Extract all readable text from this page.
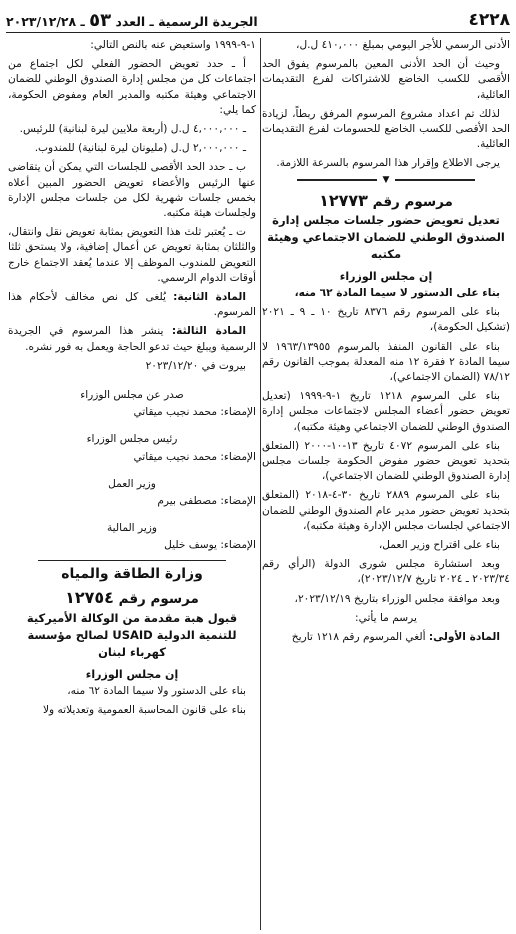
٤٢٢٨
الجريدة الرسمية ـ العدد ٥٣ ـ ٢٠٢٣/١٢/٢٨

الأدنى الرسمي للأجر اليومي بمبلغ ٤١٠,٠٠٠ ل.ل،

وحيث أن الحد الأدنى المعين بالمرسوم يفوق الحد الأقصى للكسب الخاضع للاشتراكات لفرع التقديمات العائلية،

لذلك تم اعداد مشروع المرسوم المرفق ربطاً، لزيادة الحد الأقصى للكسب الخاضع للحسومات لفرع التقديمات العائلية.

يرجى الاطلاع وإقرار هذا المرسوم بالسرعة اللازمة.

▼
مرسوم رقم ١٢٧٧٣
تعديل تعويض حضور جلسات مجلس إدارة الصندوق الوطني للضمان الاجتماعي وهيئة مكتبه
إن مجلس الوزراء

بناء على الدستور لا سيما المادة ٦٢ منه،

بناء على المرسوم رقم ٨٣٧٦ تاريخ ١٠ ـ ٩ ـ ٢٠٢١ (تشكيل الحكومة)،

بناء على القانون المنفذ بالمرسوم ١٩٦٣/١٣٩٥٥ لا سيما المادة ٢ فقرة ١٢ منه المعدلة بموجب القانون رقم ٧٨/١٢ (الضمان الاجتماعي)،

بناء على المرسوم ١٢١٨ تاريخ ١-٩-١٩٩٩ (تعديل تعويض حضور أعضاء المجلس لاجتماعات مجلس إدارة الصندوق الوطني للضمان الاجتماعي وهيئة مكتبه)،

بناء على المرسوم ٤٠٧٢ تاريخ ١٣-١٠-٢٠٠٠ (المتعلق بتحديد تعويض حضور مفوض الحكومة جلسات مجلس إدارة الصندوق الوطني للضمان الاجتماعي)،

بناء على المرسوم ٢٨٨٩ تاريخ ٣٠-٤-٢٠١٨ (المتعلق بتحديد تعويض حضور مدير عام الصندوق الوطني للضمان الاجتماعي لجلسات مجلس الإدارة وهيئة مكتبه)،

بناء على اقتراح وزير العمل،

وبعد استشارة مجلس شورى الدولة (الرأي رقم ٢٠٢٣/٣٤ ـ ٢٠٢٤ تاريخ ٢٠٢٣/١٢/٧)،

وبعد موافقة مجلس الوزراء بتاريخ ٢٠٢٣/١٢/١٩،

يرسم ما يأتي:

المادة الأولى: ألغي المرسوم رقم ١٢١٨ تاريخ

١-٩-١٩٩٩ واستعيض عنه بالنص التالي:

أ ـ حدد تعويض الحضور الفعلي لكل اجتماع من اجتماعات كل من مجلس إدارة الصندوق الوطني للضمان الاجتماعي وهيئة مكتبه والمدير العام ومفوض الحكومة، كما يلي:

ـ ٤,٠٠٠,٠٠٠ ل.ل (أربعة ملايين ليرة لبنانية) للرئيس.

ـ ٢,٠٠٠,٠٠٠ ل.ل (مليونان ليرة لبنانية) للمندوب.

ب ـ حدد الحد الأقصى للجلسات التي يمكن أن يتقاضى عنها الرئيس والأعضاء تعويض الحضور المبين أعلاه بخمس جلسات شهرية لكل من جلسات مجلس الإدارة ولجلسات هيئة مكتبه.

ت ـ يُعتبر ثلث هذا التعويض بمثابة تعويض نقل وانتقال، والثلثان بمثابة تعويض عن أعمال إضافية، ولا يستحق ثلثا التعويض للمندوب الموظف إلا عندما يُعقد الاجتماع خارج أوقات الدوام الرسمي.

المادة الثانية: يُلغى كل نص مخالف لأحكام هذا المرسوم.

المادة الثالثة: ينشر هذا المرسوم في الجريدة الرسمية ويبلغ حيث تدعو الحاجة ويعمل به فور نشره.

بيروت في ٢٠٢٣/١٢/٢٠

صدر عن مجلس الوزراء

الإمضاء: محمد نجيب ميقاتي

رئيس مجلس الوزراء

الإمضاء: محمد نجيب ميقاتي

وزير العمل

الإمضاء: مصطفى بيرم

وزير المالية

الإمضاء: يوسف خليل

وزارة الطاقة والمياه
مرسوم رقم ١٢٧٥٤
قبول هبة مقدمة من الوكالة الأميركية للتنمية الدولية USAID لصالح مؤسسة كهرباء لبنان
إن مجلس الوزراء

بناء على الدستور ولا سيما المادة ٦٢ منه،

بناء على قانون المحاسبة العمومية وتعديلاته ولا
